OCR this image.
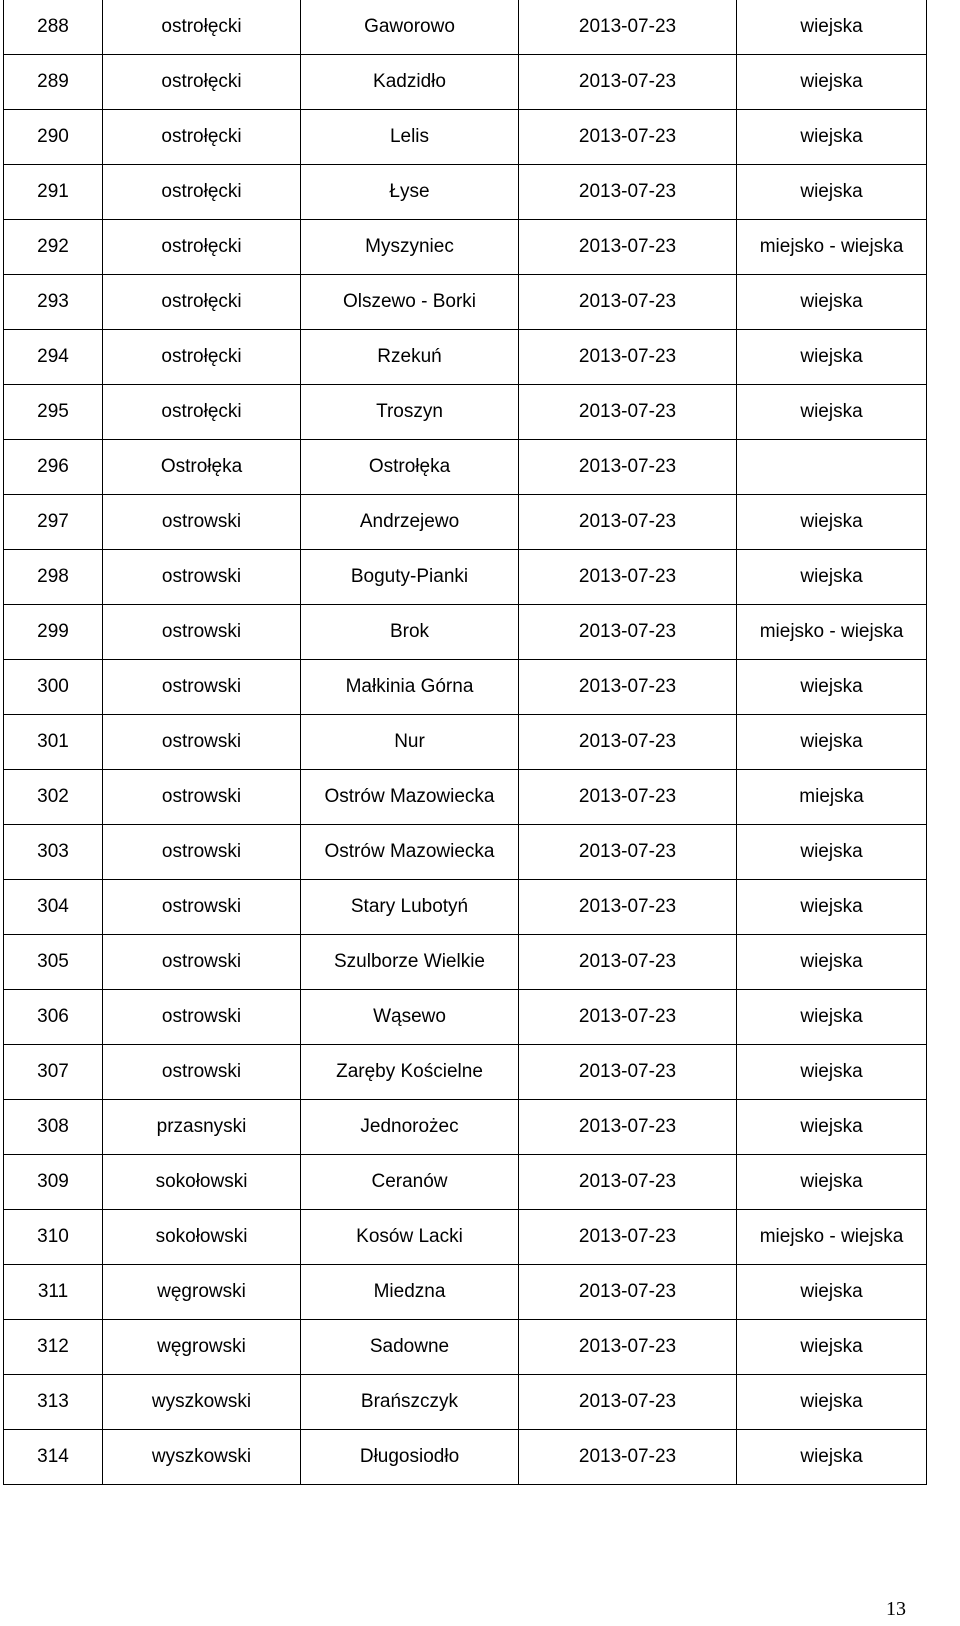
288	ostrołęcki	Gaworowo	2013-07-23	wiejska
289	ostrołęcki	Kadzidło	2013-07-23	wiejska
290	ostrołęcki	Lelis	2013-07-23	wiejska
291	ostrołęcki	Łyse	2013-07-23	wiejska
292	ostrołęcki	Myszyniec	2013-07-23	miejsko - wiejska
293	ostrołęcki	Olszewo - Borki	2013-07-23	wiejska
294	ostrołęcki	Rzekuń	2013-07-23	wiejska
295	ostrołęcki	Troszyn	2013-07-23	wiejska
296	Ostrołęka	Ostrołęka	2013-07-23	
297	ostrowski	Andrzejewo	2013-07-23	wiejska
298	ostrowski	Boguty-Pianki	2013-07-23	wiejska
299	ostrowski	Brok	2013-07-23	miejsko - wiejska
300	ostrowski	Małkinia Górna	2013-07-23	wiejska
301	ostrowski	Nur	2013-07-23	wiejska
302	ostrowski	Ostrów Mazowiecka	2013-07-23	miejska
303	ostrowski	Ostrów Mazowiecka	2013-07-23	wiejska
304	ostrowski	Stary Lubotyń	2013-07-23	wiejska
305	ostrowski	Szulborze Wielkie	2013-07-23	wiejska
306	ostrowski	Wąsewo	2013-07-23	wiejska
307	ostrowski	Zaręby Kościelne	2013-07-23	wiejska
308	przasnyski	Jednorożec	2013-07-23	wiejska
309	sokołowski	Ceranów	2013-07-23	wiejska
310	sokołowski	Kosów Lacki	2013-07-23	miejsko - wiejska
311	węgrowski	Miedzna	2013-07-23	wiejska
312	węgrowski	Sadowne	2013-07-23	wiejska
313	wyszkowski	Brańszczyk	2013-07-23	wiejska
314	wyszkowski	Długosiodło	2013-07-23	wiejska
13
